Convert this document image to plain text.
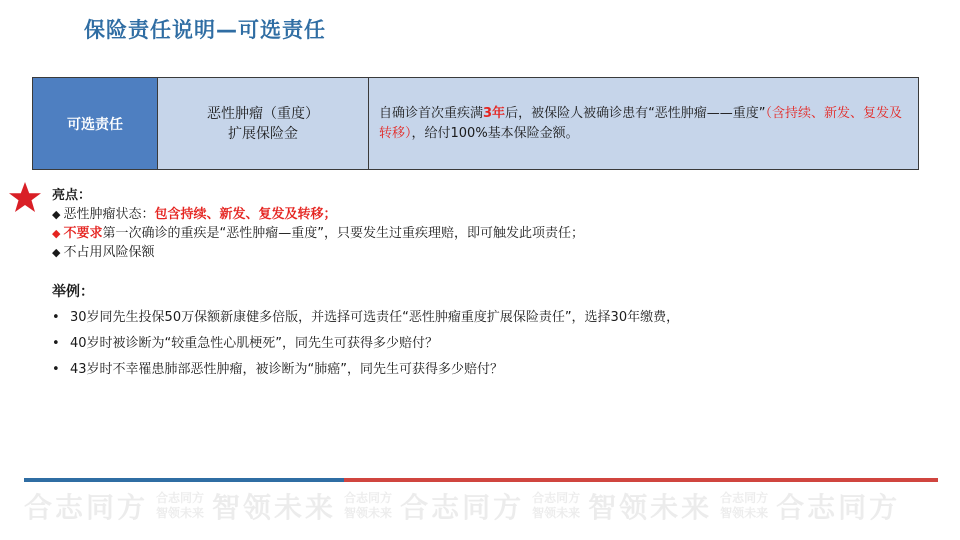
保险责任说明—可选责任
可选责任
恶性肿瘤（重度）
扩展保险金
自确诊首次重疾满3年后，被保险人被确诊患有“恶性肿瘤——重度”（含持续、新发、复发及转移），给付100%基本保险金额。
亮点：
◆ 恶性肿瘤状态： 包含持续、新发、复发及转移；
◆ 不要求 第一次确诊的重疾是“恶性肿瘤—重度”，只要发生过重疾理赔，即可触发此项责任；
◆ 不占用风险保额
举例：
• 30岁同先生投保50万保额新康健多倍版，并选择可选责任“恶性肿瘤重度扩展保险责任”，选择30年缴费，
• 40岁时被诊断为“较重急性心肌梗死”，同先生可获得多少赔付？
• 43岁时不幸罹患肺部恶性肿瘤，被诊断为“肺癌”，同先生可获得多少赔付？
合志同方 合志同方
智领未来 智领未来 合志同方
智领未来 合志同方 合志同方
智领未来 智领未来 合志同方
智领未来 合志同方
